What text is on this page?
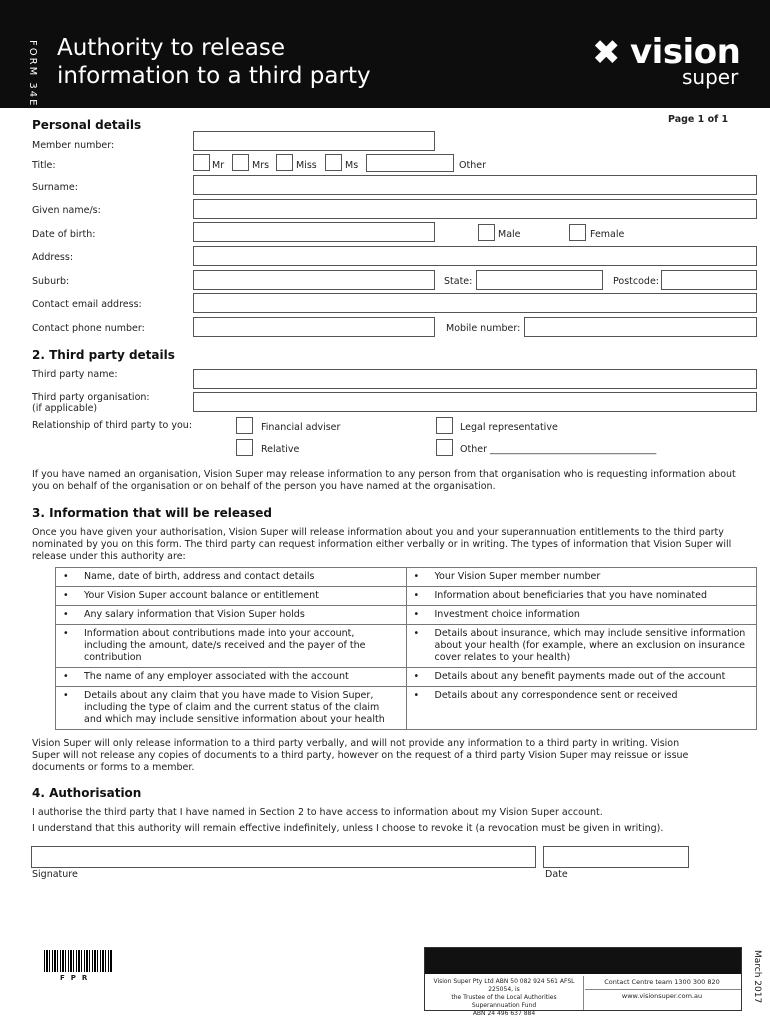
FORM 34E Authority to release
information to a third party
✖ vision
super
Page 1 of 1
Personal details
Member number:
Title:	Mr	Mrs	Miss	Ms	Other
Surname:
Given name/s:
Date of birth:	Male	Female
Address:
Suburb:	State:	Postcode:
Contact email address:
Contact phone number:	Mobile number:
2. Third party details
Third party name:
Third party organisation:
(if applicable)
Relationship of third party to you:	Financial adviser	Legal representative
Relative	Other ___________________________________
If you have named an organisation, Vision Super may release information to any person from that organisation who is requesting information about you on behalf of the organisation or on behalf of the person you have named at the organisation.
3. Information that will be released
Once you have given your authorisation, Vision Super will release information about you and your superannuation entitlements to the third party nominated by you on this form. The third party can request information either verbally or in writing. The types of information that Vision Super will release under this authority are:
• Name, date of birth, address and contact details	• Your Vision Super member number

• Your Vision Super account balance or entitlement	• Information about beneficiaries that you have nominated

• Any salary information that Vision Super holds	• Investment choice information

• Information about contributions made into your account, including the amount, date/s received and the payer of the contribution	• Details about insurance, which may include sensitive information about your health (for example, where an exclusion on insurance cover relates to your health)

• The name of any employer associated with the account	• Details about any benefit payments made out of the account

• Details about any claim that you have made to Vision Super, including the type of claim and the current status of the claim and which may include sensitive information about your health	• Details about any correspondence sent or received
Vision Super will only release information to a third party verbally, and will not provide any information to a third party in writing. Vision Super will not release any copies of documents to a third party, however on the request of a third party Vision Super may reissue or issue documents or forms to a member.
4. Authorisation
I authorise the third party that I have named in Section 2 to have access to information about my Vision Super account.
I understand that this authority will remain effective indefinitely, unless I choose to revoke it (a revocation must be given in writing).
Signature	Date
FPR	Vision Super Pty Ltd ABN 50 082 924 561 AFSL 225054, is
the Trustee of the Local Authorities Superannuation Fund
ABN 24 496 637 884
Contact Centre team 1300 300 820
www.visionsuper.com.au	March 2017
